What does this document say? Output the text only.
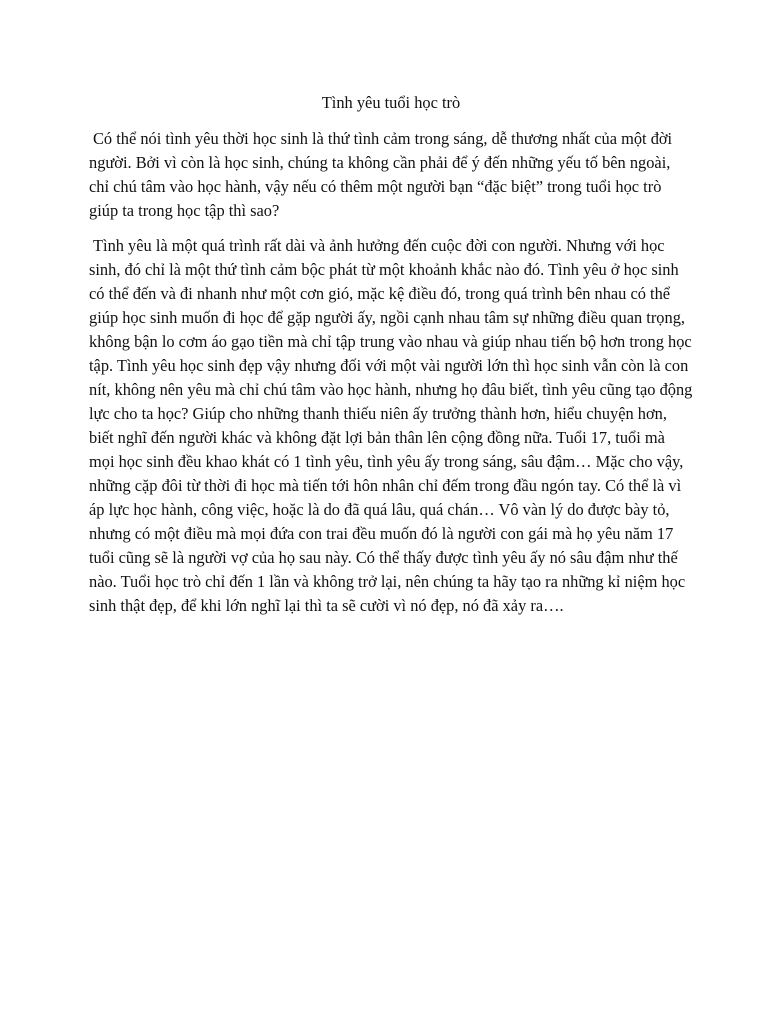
Tình yêu tuổi học trò

Có thể nói tình yêu thời học sinh là thứ tình cảm trong sáng, dễ thương nhất của một đời người. Bởi vì còn là học sinh, chúng ta không cần phải để ý đến những yếu tố bên ngoài, chỉ chú tâm vào học hành, vậy nếu có thêm một người bạn “đặc biệt” trong tuổi học trò giúp ta trong học tập thì sao?

Tình yêu là một quá trình rất dài và ảnh hưởng đến cuộc đời con người. Nhưng với học sinh, đó chỉ là một thứ tình cảm bộc phát từ một khoảnh khắc nào đó. Tình yêu ở học sinh có thể đến và đi nhanh như một cơn gió, mặc kệ điều đó, trong quá trình bên nhau có thể giúp học sinh muốn đi học để gặp người ấy, ngồi cạnh nhau tâm sự những điều quan trọng, không bận lo cơm áo gạo tiền mà chỉ tập trung vào nhau và giúp nhau tiến bộ hơn trong học tập. Tình yêu học sinh đẹp vậy nhưng đối với một vài người lớn thì học sinh vẫn còn là con nít, không nên yêu mà chỉ chú tâm vào học hành, nhưng họ đâu biết, tình yêu cũng tạo động lực cho ta học? Giúp cho những thanh thiếu niên ấy trưởng thành hơn, hiểu chuyện hơn, biết nghĩ đến người khác và không đặt lợi bản thân lên cộng đồng nữa. Tuổi 17, tuổi mà mọi học sinh đều khao khát có 1 tình yêu, tình yêu ấy trong sáng, sâu đậm… Mặc cho vậy, những cặp đôi từ thời đi học mà tiến tới hôn nhân chỉ đếm trong đầu ngón tay. Có thể là vì áp lực học hành, công việc, hoặc là do đã quá lâu, quá chán… Vô vàn lý do được bày tỏ, nhưng có một điều mà mọi đứa con trai đều muốn đó là người con gái mà họ yêu năm 17 tuổi cũng sẽ là người vợ của họ sau này. Có thể thấy được tình yêu ấy nó sâu đậm như thế nào. Tuổi học trò chỉ đến 1 lần và không trở lại, nên chúng ta hãy tạo ra những kỉ niệm học sinh thật đẹp, để khi lớn nghĩ lại thì ta sẽ cười vì nó đẹp, nó đã xảy ra….
